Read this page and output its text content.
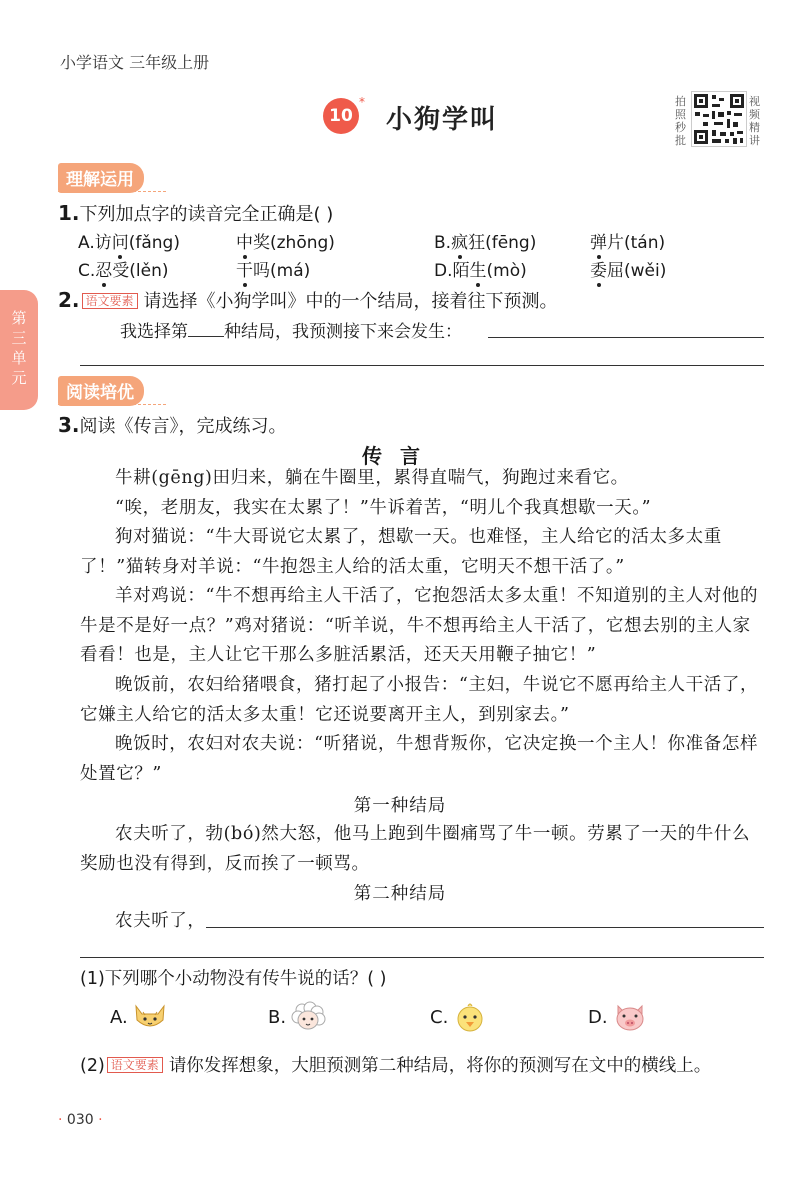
小学语文 三年级上册
10
*
小狗学叫
拍照秒批
视频精讲
第三单元
理解运用
1.下列加点字的读音完全正确是( )
A.访问(fǎng)	中奖(zhōng)	B.疯狂(fēng)	弹片(tán)
C.忍受(lěn)	干吗(má)	D.陌生(mò)	委屈(wěi)
2. 语文要素 请选择《小狗学叫》中的一个结局，接着往下预测。
我选择第 种结局，我预测接下来会发生：
阅读培优
3.阅读《传言》，完成练习。
传言
牛耕(gēng)田归来，躺在牛圈里，累得直喘气，狗跑过来看它。
“唉，老朋友，我实在太累了！”牛诉着苦，“明儿个我真想歇一天。”
狗对猫说：“牛大哥说它太累了，想歇一天。也难怪，主人给它的活太多太重了！”猫转身对羊说：“牛抱怨主人给的活太重，它明天不想干活了。”
羊对鸡说：“牛不想再给主人干活了，它抱怨活太多太重！不知道别的主人对他的牛是不是好一点？”鸡对猪说：“听羊说，牛不想再给主人干活了，它想去别的主人家看看！也是，主人让它干那么多脏活累活，还天天用鞭子抽它！”
晚饭前，农妇给猪喂食，猪打起了小报告：“主妇，牛说它不愿再给主人干活了，它嫌主人给它的活太多太重！它还说要离开主人，到别家去。”
晚饭时，农妇对农夫说：“听猪说，牛想背叛你，它决定换一个主人！你准备怎样处置它？”
第一种结局
农夫听了，勃(bó)然大怒，他马上跑到牛圈痛骂了牛一顿。劳累了一天的牛什么奖励也没有得到，反而挨了一顿骂。
第二种结局
农夫听了，
(1)下列哪个小动物没有传牛说的话？( )
A.	B.	C.	D.
(2) 语文要素 请你发挥想象，大胆预测第二种结局，将你的预测写在文中的横线上。
· 030 ·
